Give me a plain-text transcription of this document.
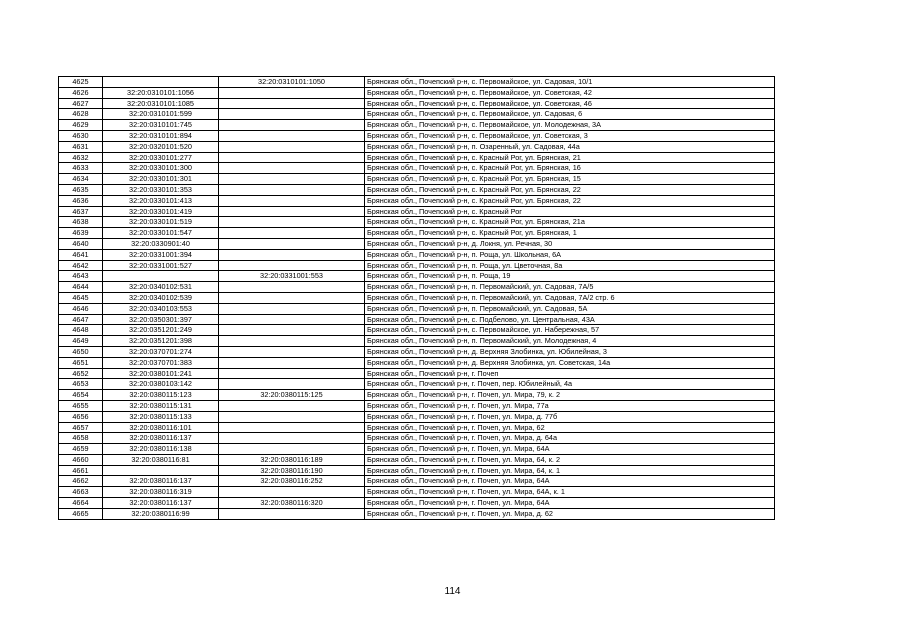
4625		32:20:0310101:1050	Брянская обл., Почепский р-н, с. Первомайское, ул. Садовая, 10/1
4626	32:20:0310101:1056		Брянская обл., Почепский р-н, с. Первомайское, ул. Советская, 42
4627	32:20:0310101:1085		Брянская обл., Почепский р-н, с. Первомайское, ул. Советская, 46
4628	32:20:0310101:599		Брянская обл., Почепский р-н, с. Первомайское, ул. Садовая, 6
4629	32:20:0310101:745		Брянская обл., Почепский р-н, с. Первомайское, ул. Молодежная, 3А
4630	32:20:0310101:894		Брянская обл., Почепский р-н, с. Первомайское, ул. Советская, 3
4631	32:20:0320101:520		Брянская обл., Почепский р-н, п. Озаренный, ул. Садовая, 44а
4632	32:20:0330101:277		Брянская обл., Почепский р-н, с. Красный Рог, ул. Брянская, 21
4633	32:20:0330101:300		Брянская обл., Почепский р-н, с. Красный Рог, ул. Брянская, 16
4634	32:20:0330101:301		Брянская обл., Почепский р-н, с. Красный Рог, ул. Брянская, 15
4635	32:20:0330101:353		Брянская обл., Почепский р-н, с. Красный Рог, ул. Брянская, 22
4636	32:20:0330101:413		Брянская обл., Почепский р-н, с. Красный Рог, ул. Брянская, 22
4637	32:20:0330101:419		Брянская обл., Почепский р-н, с. Красный Рог
4638	32:20:0330101:519		Брянская обл., Почепский р-н, с. Красный Рог, ул. Брянская, 21а
4639	32:20:0330101:547		Брянская обл., Почепский р-н, с. Красный Рог, ул. Брянская, 1
4640	32:20:0330901:40		Брянская обл., Почепский р-н, д. Локня, ул. Речная, 30
4641	32:20:0331001:394		Брянская обл., Почепский р-н, п. Роща, ул. Школьная, 6А
4642	32:20:0331001:527		Брянская обл., Почепский р-н, п. Роща, ул. Цветочная, 8а
4643		32:20:0331001:553	Брянская обл., Почепский р-н, п. Роща, 19
4644	32:20:0340102:531		Брянская обл., Почепский р-н, п. Первомайский, ул. Садовая, 7А/5
4645	32:20:0340102:539		Брянская обл., Почепский р-н, п. Первомайский, ул. Садовая, 7А/2 стр. 6
4646	32:20:0340103:553		Брянская обл., Почепский р-н, п. Первомайский, ул. Садовая, 5А
4647	32:20:0350301:397		Брянская обл., Почепский р-н, с. Подбелово, ул. Центральная, 43А
4648	32:20:0351201:249		Брянская обл., Почепский р-н, с. Первомайское, ул. Набережная, 57
4649	32:20:0351201:398		Брянская обл., Почепский р-н, п. Первомайский, ул. Молодежная, 4
4650	32:20:0370701:274		Брянская обл., Почепский р-н, д. Верхняя Злобинка, ул. Юбилейная, 3
4651	32:20:0370701:383		Брянская обл., Почепский р-н, д. Верхняя Злобинка, ул. Советская, 14а
4652	32:20:0380101:241		Брянская обл., Почепский р-н, г. Почеп
4653	32:20:0380103:142		Брянская обл., Почепский р-н, г. Почеп, пер. Юбилейный, 4а
4654	32:20:0380115:123	32:20:0380115:125	Брянская обл., Почепский р-н, г. Почеп, ул. Мира, 79, к. 2
4655	32:20:0380115:131		Брянская обл., Почепский р-н, г. Почеп, ул. Мира, 77а
4656	32:20:0380115:133		Брянская обл., Почепский р-н, г. Почеп, ул. Мира, д. 77б
4657	32:20:0380116:101		Брянская обл., Почепский р-н, г. Почеп, ул. Мира, 62
4658	32:20:0380116:137		Брянская обл., Почепский р-н, г. Почеп, ул. Мира, д. 64а
4659	32:20:0380116:138		Брянская обл., Почепский р-н, г. Почеп, ул. Мира, 64А
4660	32:20:0380116:81	32:20:0380116:189	Брянская обл., Почепский р-н, г. Почеп, ул. Мира, 64, к. 2
4661		32:20:0380116:190	Брянская обл., Почепский р-н, г. Почеп, ул. Мира, 64, к. 1
4662	32:20:0380116:137	32:20:0380116:252	Брянская обл., Почепский р-н, г. Почеп, ул. Мира, 64А
4663	32:20:0380116:319		Брянская обл., Почепский р-н, г. Почеп, ул. Мира, 64А, к. 1
4664	32:20:0380116:137	32:20:0380116:320	Брянская обл., Почепский р-н, г. Почеп, ул. Мира, 64А
4665	32:20:0380116:99		Брянская обл., Почепский р-н, г. Почеп, ул. Мира, д. 62
114
